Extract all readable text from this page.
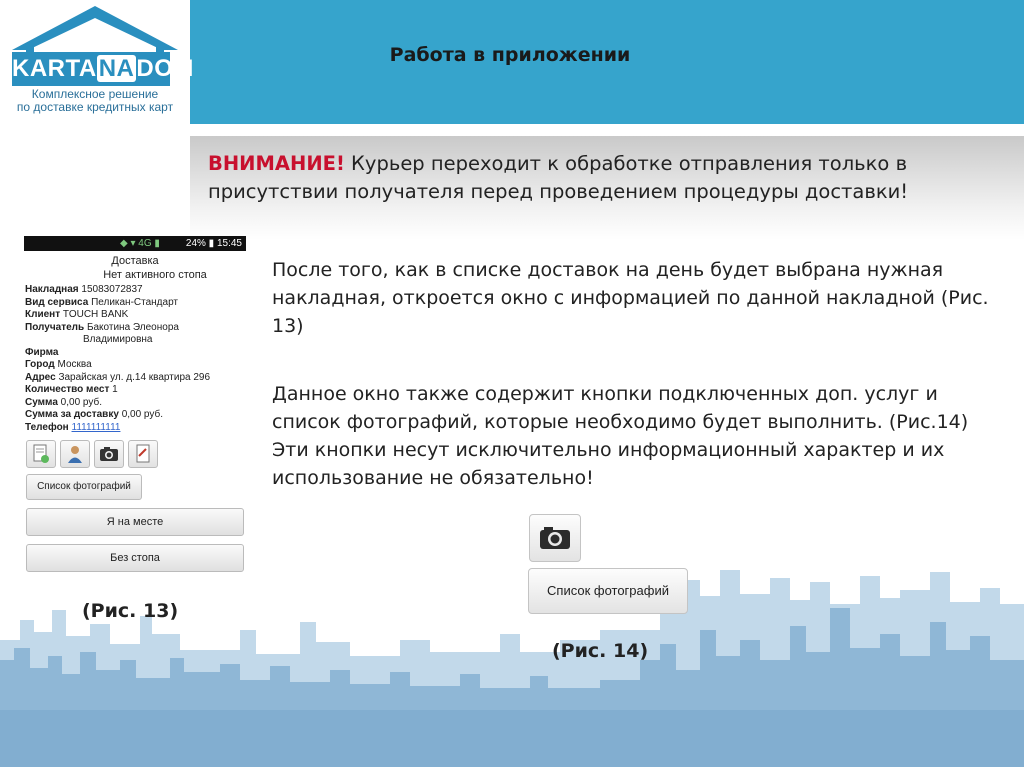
Работа в приложении
KARTANADOM
Комплексное решение
по доставке кредитных карт
ВНИМАНИЕ! Курьер переходит к обработке отправления только в присутствии получателя перед проведением процедуры доставки!
◆ ▾ 4G ▮	24% ▮ 15:45
Доставка
Нет активного стопа
Накладная 15083072837
Вид сервиса Пеликан-Стандарт
Клиент TOUCH BANK
Получатель Бакотина Элеонора
Владимировна
Фирма
Город Москва
Адрес Зарайская ул. д.14 квартира 296
Количество мест 1
Сумма 0,00 руб.
Сумма за доставку 0,00 руб.
Телефон 1111111111
Список фотографий
Я на месте
Без стопа
(Рис. 13)
После того, как в списке доставок на день будет выбрана нужная накладная, откроется окно с информацией по данной накладной (Рис. 13)
Данное окно также содержит кнопки подключенных доп. услуг и список фотографий, которые необходимо будет выполнить. (Рис.14) Эти кнопки несут исключительно информационный характер и их использование не обязательно!
Список фотографий
(Рис. 14)
